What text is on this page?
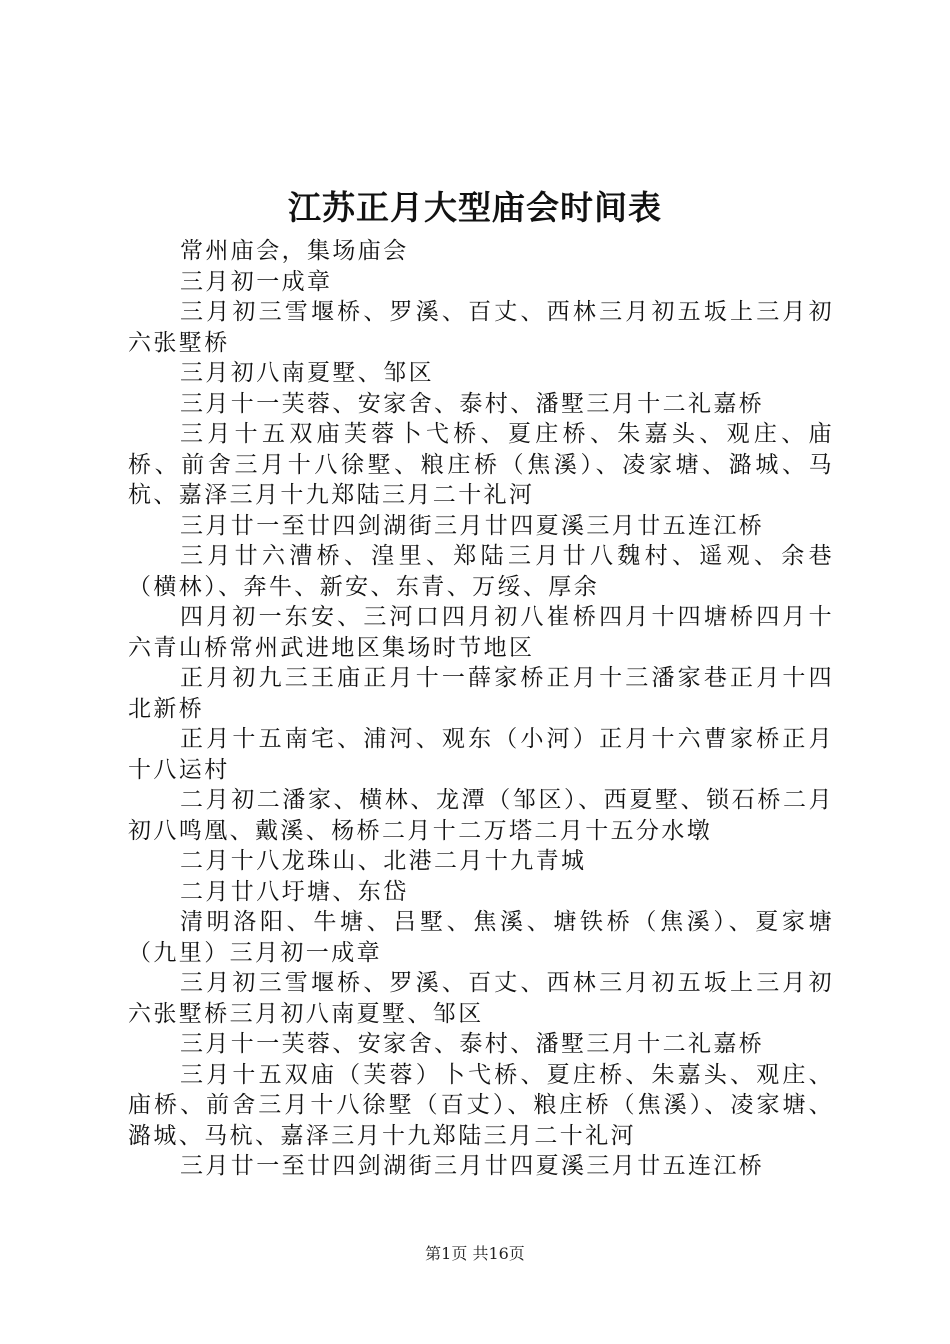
江苏正月大型庙会时间表

常州庙会，集场庙会

三月初一成章

三月初三雪堰桥、罗溪、百丈、西林三月初五坂上三月初六张墅桥

三月初八南夏墅、邹区

三月十一芙蓉、安家舍、泰村、潘墅三月十二礼嘉桥

三月十五双庙芙蓉卜弋桥、夏庄桥、朱嘉头、观庄、庙桥、前舍三月十八徐墅、粮庄桥（焦溪）、凌家塘、潞城、马杭、嘉泽三月十九郑陆三月二十礼河

三月廿一至廿四剑湖街三月廿四夏溪三月廿五连江桥

三月廿六漕桥、湟里、郑陆三月廿八魏村、遥观、余巷（横林）、奔牛、新安、东青、万绥、厚余

四月初一东安、三河口四月初八崔桥四月十四塘桥四月十六青山桥常州武进地区集场时节地区

正月初九三王庙正月十一薛家桥正月十三潘家巷正月十四北新桥

正月十五南宅、浦河、观东（小河）正月十六曹家桥正月十八运村

二月初二潘家、横林、龙潭（邹区）、西夏墅、锁石桥二月初八鸣凰、戴溪、杨桥二月十二万塔二月十五分水墩

二月十八龙珠山、北港二月十九青城

二月廿八圩塘、东岱

清明洛阳、牛塘、吕墅、焦溪、塘铁桥（焦溪）、夏家塘（九里）三月初一成章

三月初三雪堰桥、罗溪、百丈、西林三月初五坂上三月初六张墅桥三月初八南夏墅、邹区

三月十一芙蓉、安家舍、泰村、潘墅三月十二礼嘉桥

三月十五双庙（芙蓉）卜弋桥、夏庄桥、朱嘉头、观庄、庙桥、前舍三月十八徐墅（百丈）、粮庄桥（焦溪）、凌家塘、潞城、马杭、嘉泽三月十九郑陆三月二十礼河

三月廿一至廿四剑湖街三月廿四夏溪三月廿五连江桥

第1页 共16页
